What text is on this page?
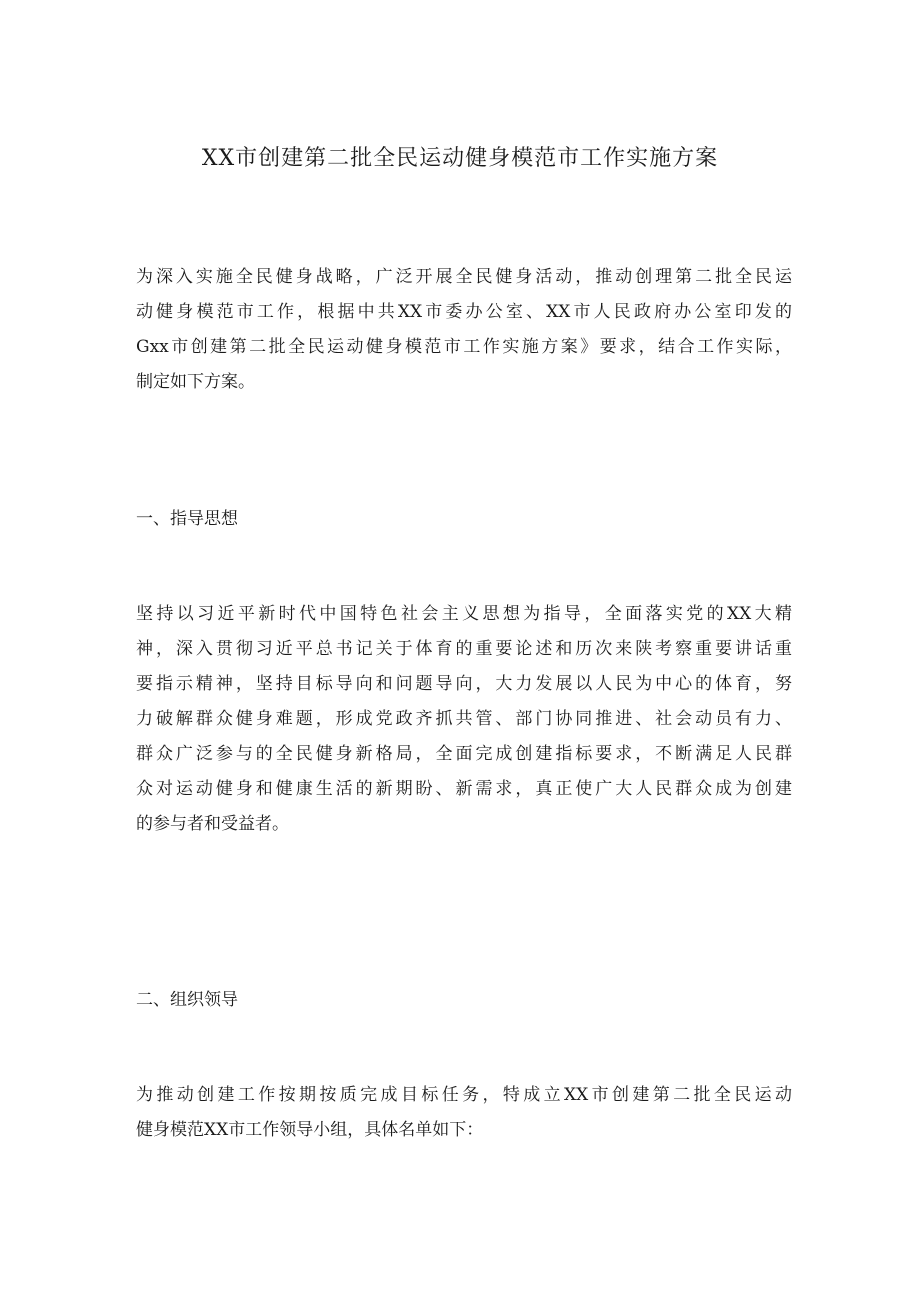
XX市创建第二批全民运动健身模范市工作实施方案
为深入实施全民健身战略，广泛开展全民健身活动，推动创理第二批全民运
动健身模范市工作，根据中共XX市委办公室、XX市人民政府办公室印发的
Gxx市创建第二批全民运动健身模范市工作实施方案》要求，结合工作实际，
制定如下方案。
一、指导思想
坚持以习近平新时代中国特色社会主义思想为指导，全面落实党的XX大精
神，深入贯彻习近平总书记关于体育的重要论述和历次来陕考察重要讲话重
要指示精神，坚持目标导向和问题导向，大力发展以人民为中心的体育，努
力破解群众健身难题，形成党政齐抓共管、部门协同推进、社会动员有力、
群众广泛参与的全民健身新格局，全面完成创建指标要求，不断满足人民群
众对运动健身和健康生活的新期盼、新需求，真正使广大人民群众成为创建
的参与者和受益者。
二、组织领导
为推动创建工作按期按质完成目标任务，特成立XX市创建第二批全民运动
健身模范XX市工作领导小组，具体名单如下：
